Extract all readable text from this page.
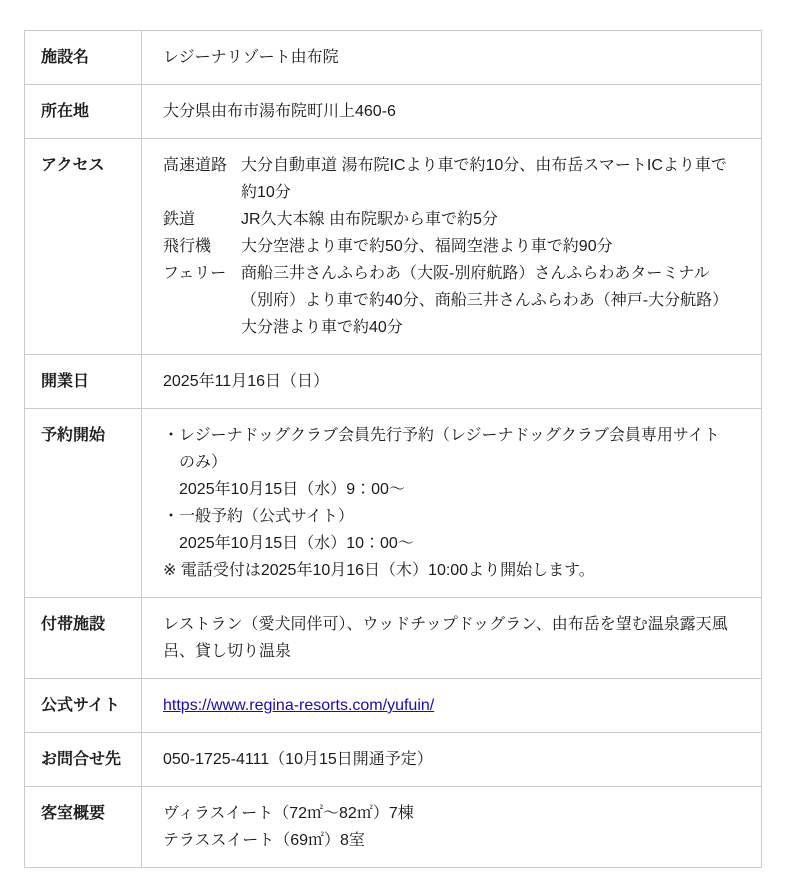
施設名	レジーナリゾート由布院
所在地	大分県由布市湯布院町川上460-6
アクセス	高速道路 大分自動車道 湯布院ICより車で約10分、由布岳スマートICより車で約10分
鉄道	JR久大本線 由布院駅から車で約5分
飛行機	大分空港より車で約50分、福岡空港より車で約90分
フェリー 商船三井さんふらわあ（大阪-別府航路）さんふらわあターミナル（別府）より車で約40分、商船三井さんふらわあ（神戸-大分航路）大分港より車で約40分

開業日	2025年11月16日（日）
予約開始	・レジーナドッグクラブ会員先行予約（レジーナドッグクラブ会員専用サイトのみ）
2025年10月15日（水）9：00～
・一般予約（公式サイト）
2025年10月15日（水）10：00～
※ 電話受付は2025年10月16日（木）10:00より開始します。

付帯施設	レストラン（愛犬同伴可）、ウッドチップドッグラン、由布岳を望む温泉露天風呂、貸し切り温泉
公式サイト	https://www.regina-resorts.com/yufuin/
お問合せ先	050-1725-4111（10月15日開通予定）
客室概要	ヴィラスイート（72㎡～82㎡）7棟
テラススイート（69㎡）8室
